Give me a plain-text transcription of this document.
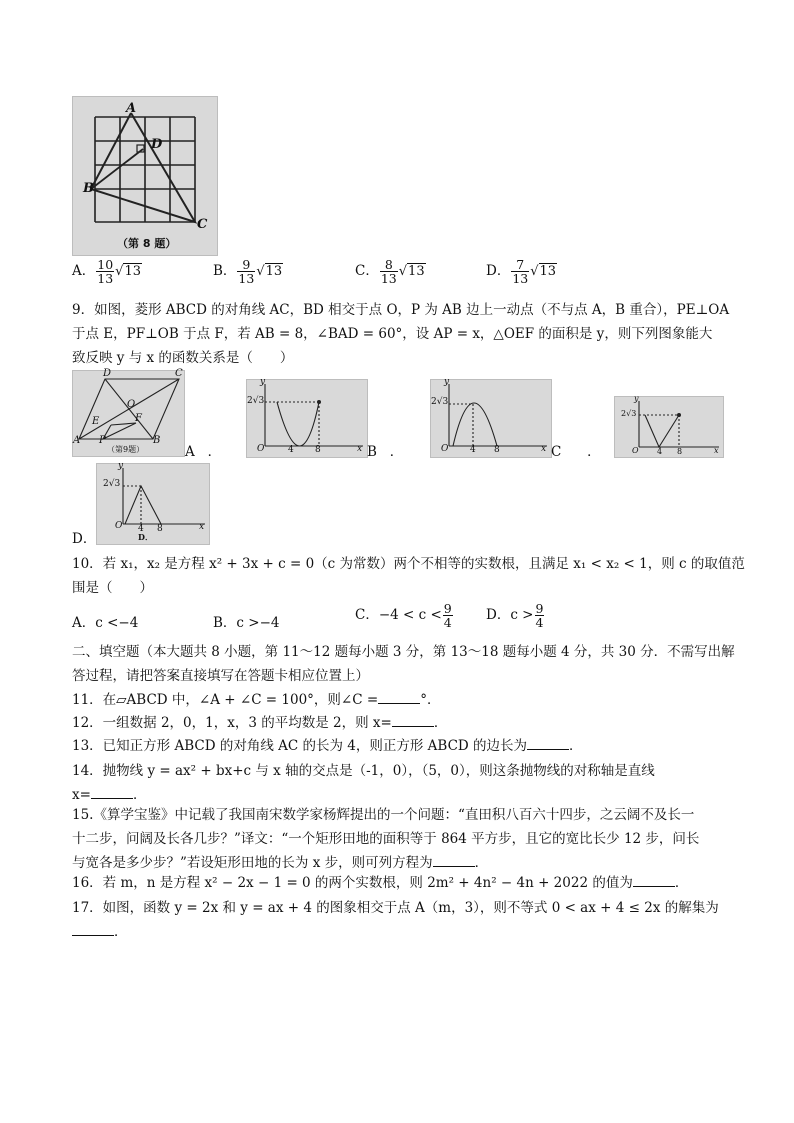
A
D
B
C
（第 8 题）
A． $\frac{10}{13} √13$	B． $\frac{9}{13} √13$	C． $\frac{8}{13} √13$	D． $\frac{7}{13} √13$
9．如图，菱形 ABCD 的对角线 AC，BD 相交于点 O，P 为 AB 边上一动点（不与点 A，B 重合），PE⊥OA
于点 E，PF⊥OB 于点 F，若 AB = 8，∠BAD = 60°，设 AP = x，△OEF 的面积是 y，则下列图象能大
致反映 y 与 x 的函数关系是（　　）
D	C
O
E	F
A P	B
（第9题）	A ．
y
2√3
O	4 8	x B ．
y
2√3
O 4 8	x C ．
y
2√3
O 4 8	x
y
2√3
O 4 8	x
D．
D．
10．若 x₁，x₂ 是方程 x² + 3x + c = 0（c 为常数）两个不相等的实数根，且满足 x₁ < x₂ < 1，则 c 的取值范
围是（　　）
A．c <−4	B．c >−4	C．$-4 < c < \frac{9}{4}$ D．$c > \frac{9}{4}$
二、填空题（本大题共 8 小题，第 11～12 题每小题 3 分，第 13～18 题每小题 4 分，共 30 分．不需写出解
答过程，请把答案直接填写在答题卡相应位置上）
11．在▱ABCD 中，∠A + ∠C = 100°，则∠C =	°．
12．一组数据 2，0，1，x，3 的平均数是 2，则 x=	．
13．已知正方形 ABCD 的对角线 AC 的长为 4，则正方形 ABCD 的边长为	．
14．抛物线 y = ax² + bx+c 与 x 轴的交点是（-1，0），（5，0），则这条抛物线的对称轴是直线
x=	．
15.《算学宝鉴》中记载了我国南宋数学家杨辉提出的一个问题：“直田积八百六十四步，之云阔不及长一
十二步，问阔及长各几步？”译文：“一个矩形田地的面积等于 864 平方步，且它的宽比长少 12 步，问长
与宽各是多少步？”若设矩形田地的长为 x 步，则可列方程为	．
16．若 m，n 是方程 x² − 2x − 1 = 0 的两个实数根，则 2m² + 4n² − 4n + 2022 的值为	．
17．如图，函数 y = 2x 和 y = ax + 4 的图象相交于点 A（m，3），则不等式 0 < ax + 4 ≤ 2x 的解集为
．
